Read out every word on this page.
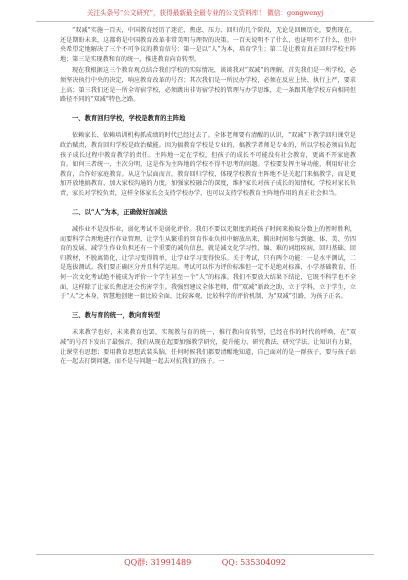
关注头条号“公文研究”，获得最新最全最专业的公文资料库！ 微信：gongwenyj

“双减”实施一百天，中国教育经历了迷茫、焦虑、压力、回归的几个阶段，无论是回顾历史，要焦现在，还是期盼未来，这都将是中国教育改革非常美明与理智的决策。一百天说明不了什么，也证明不了什么，但中央希望定地解决了三个不可争议的教育信号：第一是以“人”为本，培育学生；第二是让教育真正回归学校主阵地；第三是实现教和育的统一，推进教育向育转型。

现在我根据这三个教育观点结合我们学校的实际情况，谈谈我对“双减”的理解。首先我们是一所学校，必须坚决执行中央的决定，响应教育改革的号召；其次我们是一所民办学校，必须在反应上快、执行上严，要求上高；第三我们还是一所全寄宿学校，必须跳出非寄宿学校的管理与办学思维，走一条跟其他学校方向相同但路径不同的“双减”特色之路。

一、教育回归学校，学校是教育的主阵地

依赖家长、依赖培训机构抓成绩的时代已经过去了。全体老师要有清醒的认识，“双减”下教学回归课堂是政治赋责，教育回归学校是政治赋能。因为搞教育学校是专业的，搞教学者师是专业的，所以学校必须肩负起孩子成长过程中教育教学的责任。主阵地一定在学校，但孩子的成长不可能没有社会教育，更离不开家庭教育。如何三者统一，主次分明，这是作为主阵地的学校不得不思考的问题。学校要发挥主导功能，利用好社会教育，合作好家庭教育。从这个层面而言，教育回归学校，体现学校教育主阵地不是关起门来搞教学，而是更加开放地搞教育，加大家校沟通的力度，加强家校融合的深度，维护家长对孩子成长的知情权。学校对家长负责，家长对学校负责，这样全体家长会支持学校办学，也可以支持学校教育主阵地作用的真正社会担当。

二、以“人”为本，正确做好加减法

减作业不是没作业，弱化考试不是弱化评价。我们不要以无限度消耗孩子时间来换取分数上的暂时胜利，而要科学合理地进行作业管理，让学生从繁重的智育作业负担中解放出来，腾出时间参与到德、体、美、劳四育的发展。减学生作业负担还有一个重要的减负信息，就是减文化学习性、编、难的词组疾病，回归基础、回归教材，不脱离简化，让学习变得简单，让学业学习变得快乐。关于考试，只有两个功能：一是水平测试，二是选拔测试。我们要正确区分并且科学运用。考试可以作为评价标准但一定不是绝对标准，小学基础教育，任何一次文化考试绝不能成为评价一个学生甚至一个“人”的标准。我们不要放大结果下结论，它既不科学也不全面，这样除了让家长焦虑还会伤害学生。我强烈建议全体老师，借“双减”新政之助，立于学科，立于学生，立于“人”之本身，智慧地创建一套比较全面、比较客观、比较科学的评价机制，为“双减”引路，为孩子正名。

三、教与育的统一，教向育转型

未来教学也好，未来教育也罢，实现教与育的统一，推行教向育转型，已经在作的时代的呼唤，在“双减”的号召下发出了最强音。我们从现在起要加强教学研究，提升能力、研究教法、研究学法，让知识有力量，让课堂有思想；要用教育思想武装头脑，任何时候我们都要清醒地知道，自己面对的是一群孩子，要与孩子站在一起去打倒问题，而不是与问题一起去对抗我们的孩子。一

QQ群: 31991489	QQ: 535304092
